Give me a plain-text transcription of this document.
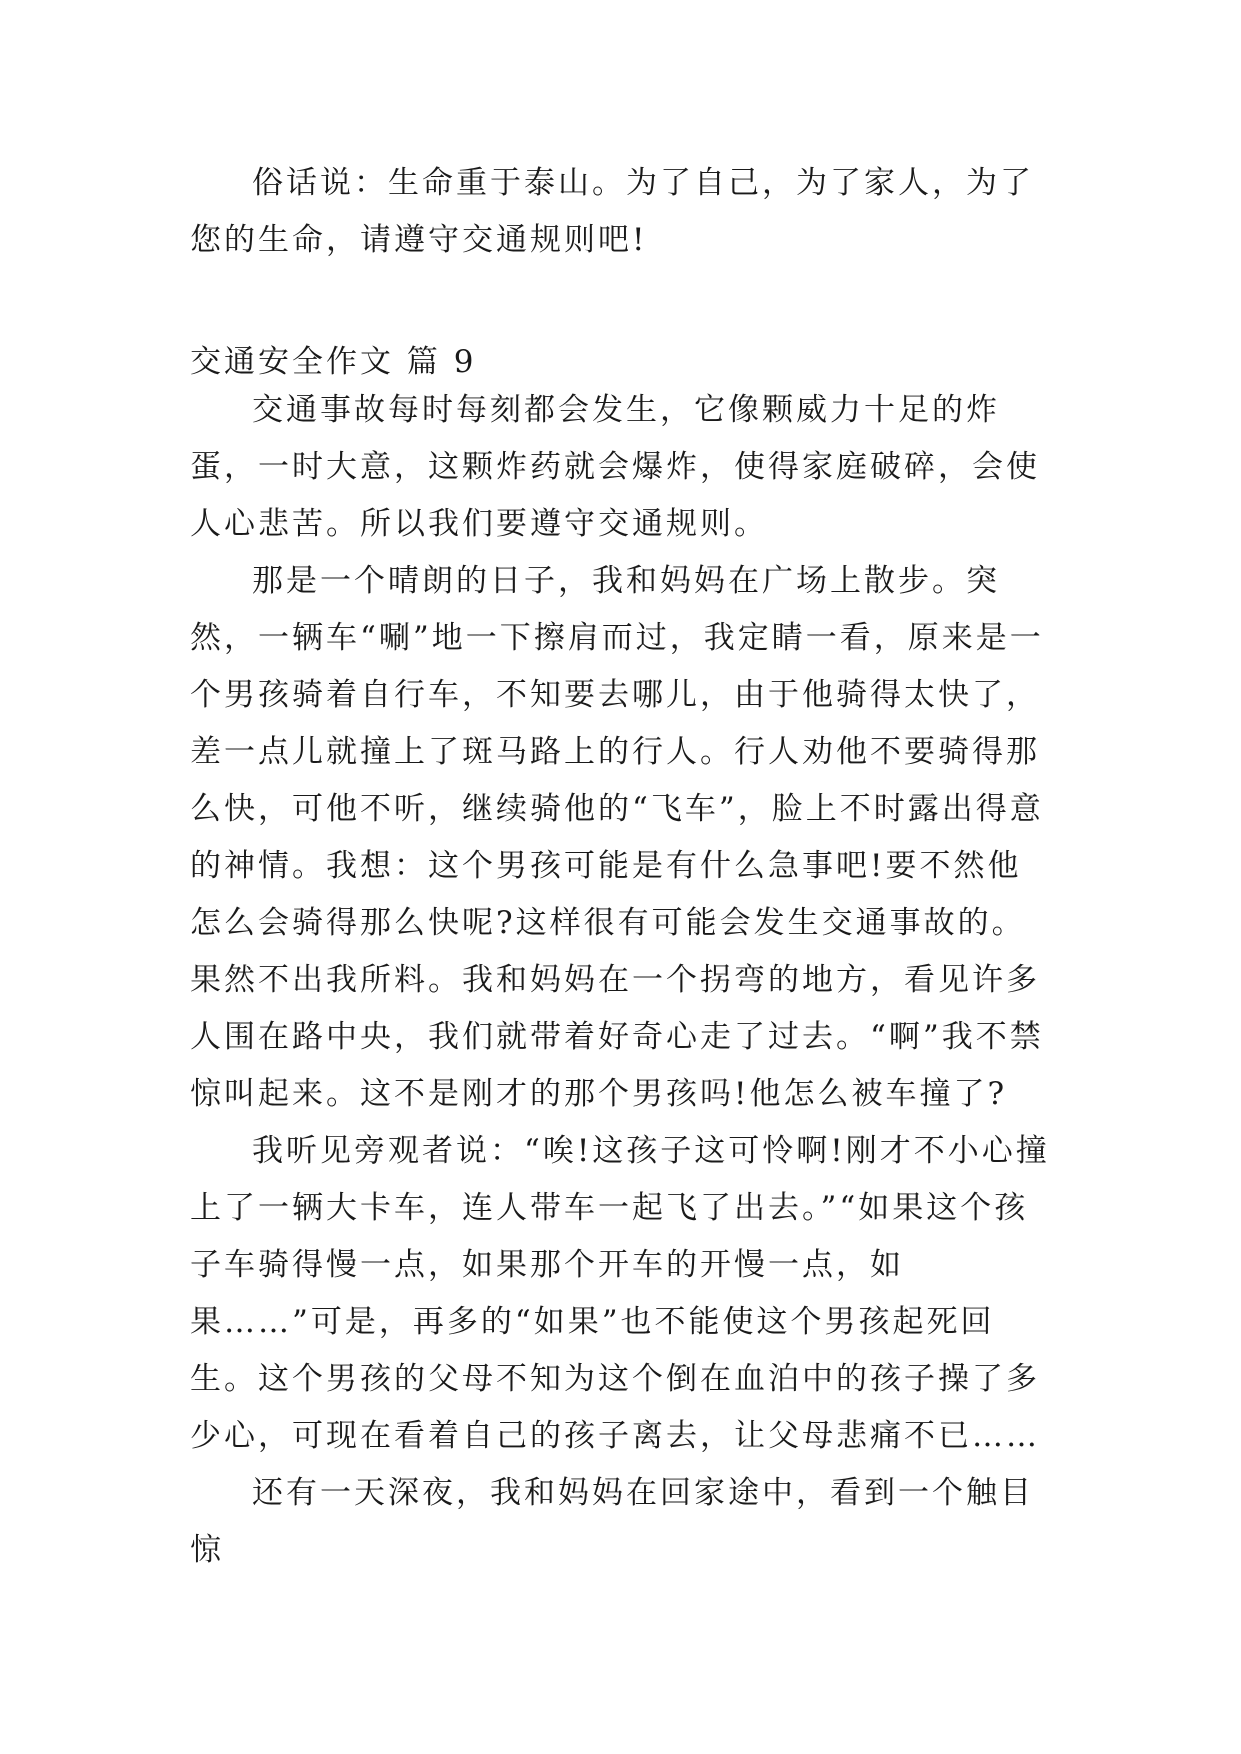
俗话说：生命重于泰山。为了自己，为了家人，为了您的生命，请遵守交通规则吧!

交通安全作文 篇 9

交通事故每时每刻都会发生，它像颗威力十足的炸蛋，一时大意，这颗炸药就会爆炸，使得家庭破碎，会使人心悲苦。所以我们要遵守交通规则。

那是一个晴朗的日子，我和妈妈在广场上散步。突然，一辆车“唰”地一下擦肩而过，我定睛一看，原来是一个男孩骑着自行车，不知要去哪儿，由于他骑得太快了，差一点儿就撞上了斑马路上的行人。行人劝他不要骑得那么快，可他不听，继续骑他的“飞车”，脸上不时露出得意的神情。我想：这个男孩可能是有什么急事吧!要不然他怎么会骑得那么快呢?这样很有可能会发生交通事故的。果然不出我所料。我和妈妈在一个拐弯的地方，看见许多人围在路中央，我们就带着好奇心走了过去。“啊”我不禁惊叫起来。这不是刚才的那个男孩吗!他怎么被车撞了?

我听见旁观者说：“唉!这孩子这可怜啊!刚才不小心撞上了一辆大卡车，连人带车一起飞了出去。”“如果这个孩子车骑得慢一点，如果那个开车的开慢一点，如果……”可是，再多的“如果”也不能使这个男孩起死回生。这个男孩的父母不知为这个倒在血泊中的孩子操了多少心，可现在看着自己的孩子离去，让父母悲痛不已……

还有一天深夜，我和妈妈在回家途中，看到一个触目惊
